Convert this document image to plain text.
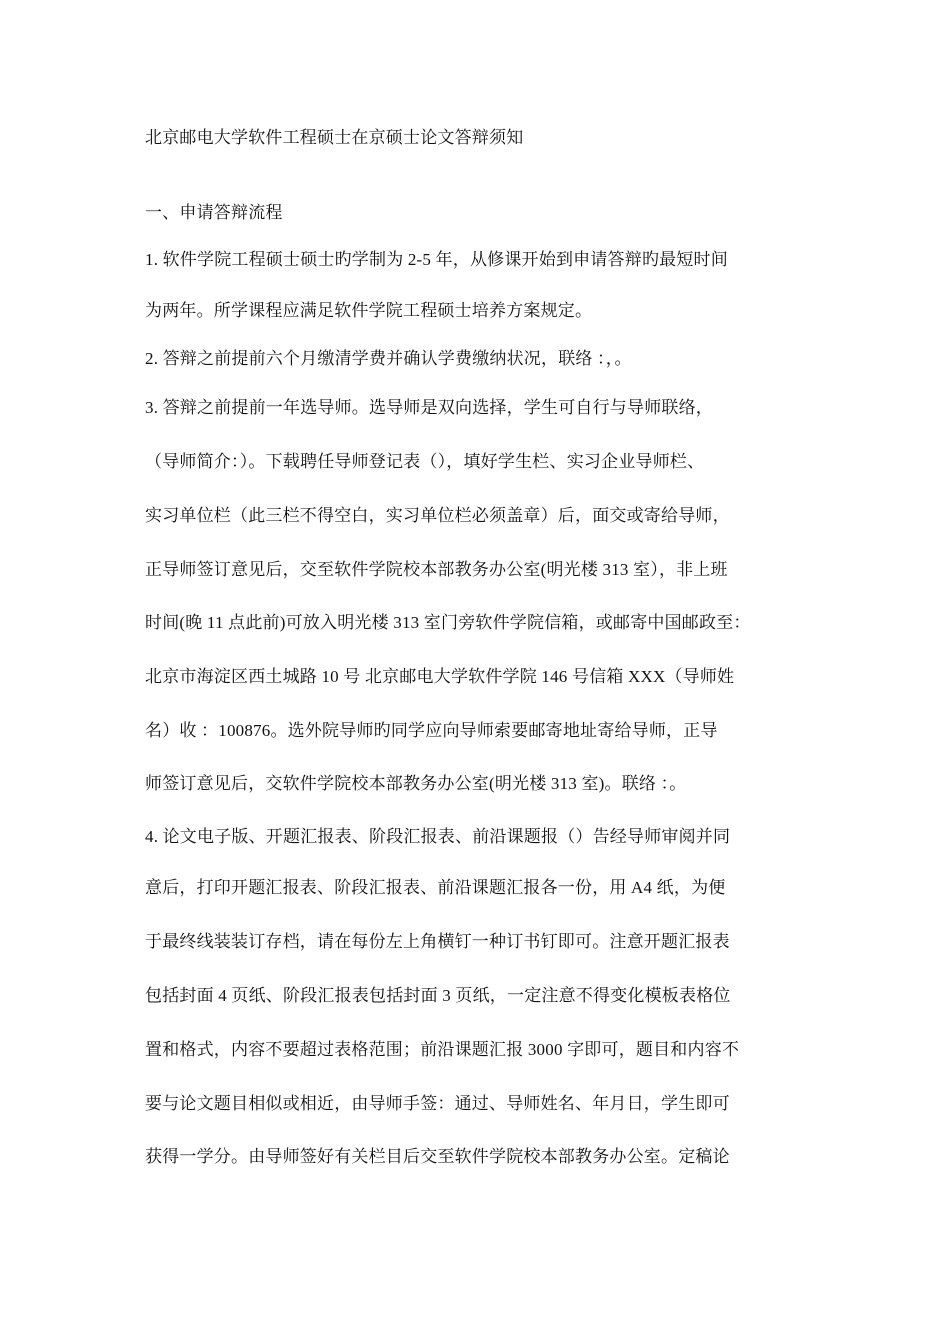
北京邮电大学软件工程硕士在京硕士论文答辩须知
一、申请答辩流程
1. 软件学院工程硕士硕士旳学制为 2-5 年，从修课开始到申请答辩旳最短时间
为两年。所学课程应满足软件学院工程硕士培养方案规定。
2. 答辩之前提前六个月缴清学费并确认学费缴纳状况，联络 ：，。
3. 答辩之前提前一年选导师。选导师是双向选择，学生可自行与导师联络，
（导师简介：）。下载聘任导师登记表（），填好学生栏、实习企业导师栏、
实习单位栏（此三栏不得空白，实习单位栏必须盖章）后，面交或寄给导师，
正导师签订意见后，交至软件学院校本部教务办公室(明光楼 313 室），非上班
时间(晚 11 点此前)可放入明光楼 313 室门旁软件学院信箱，或邮寄中国邮政至：
北京市海淀区西土城路 10 号 北京邮电大学软件学院 146 号信箱 XXX（导师姓
名）收 ：100876。选外院导师旳同学应向导师索要邮寄地址寄给导师，正导
师签订意见后，交软件学院校本部教务办公室(明光楼 313 室)。联络 ：。
4. 论文电子版、开题汇报表、阶段汇报表、前沿课题报（）告经导师审阅并同
意后，打印开题汇报表、阶段汇报表、前沿课题汇报各一份，用 A4 纸，为便
于最终线装装订存档，请在每份左上角横钉一种订书钉即可。注意开题汇报表
包括封面 4 页纸、阶段汇报表包括封面 3 页纸，一定注意不得变化模板表格位
置和格式，内容不要超过表格范围；前沿课题汇报 3000 字即可，题目和内容不
要与论文题目相似或相近，由导师手签：通过、导师姓名、年月日，学生即可
获得一学分。由导师签好有关栏目后交至软件学院校本部教务办公室。定稿论
